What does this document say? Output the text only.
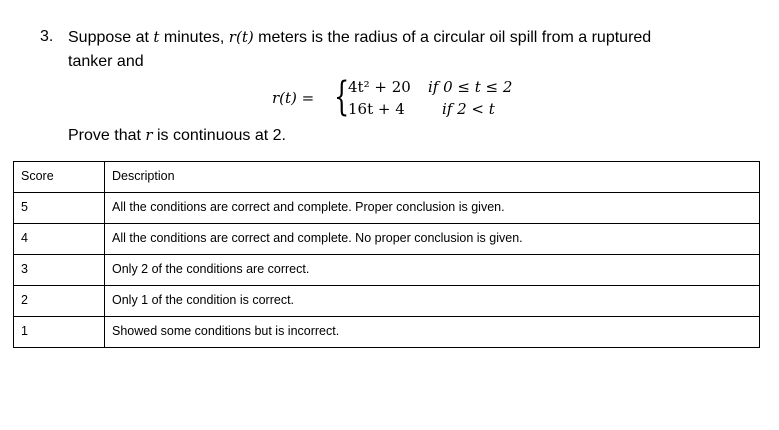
3. Suppose at t minutes, r(t) meters is the radius of a circular oil spill from a ruptured
tanker and
r(t) = {
4t² + 20 if 0 ≤ t ≤ 2
16t + 4 if 2 < t
Prove that r is continuous at 2.
Score	Description
5	All the conditions are correct and complete. Proper conclusion is given.
4	All the conditions are correct and complete. No proper conclusion is given.
3	Only 2 of the conditions are correct.
2	Only 1 of the condition is correct.
1	Showed some conditions but is incorrect.
